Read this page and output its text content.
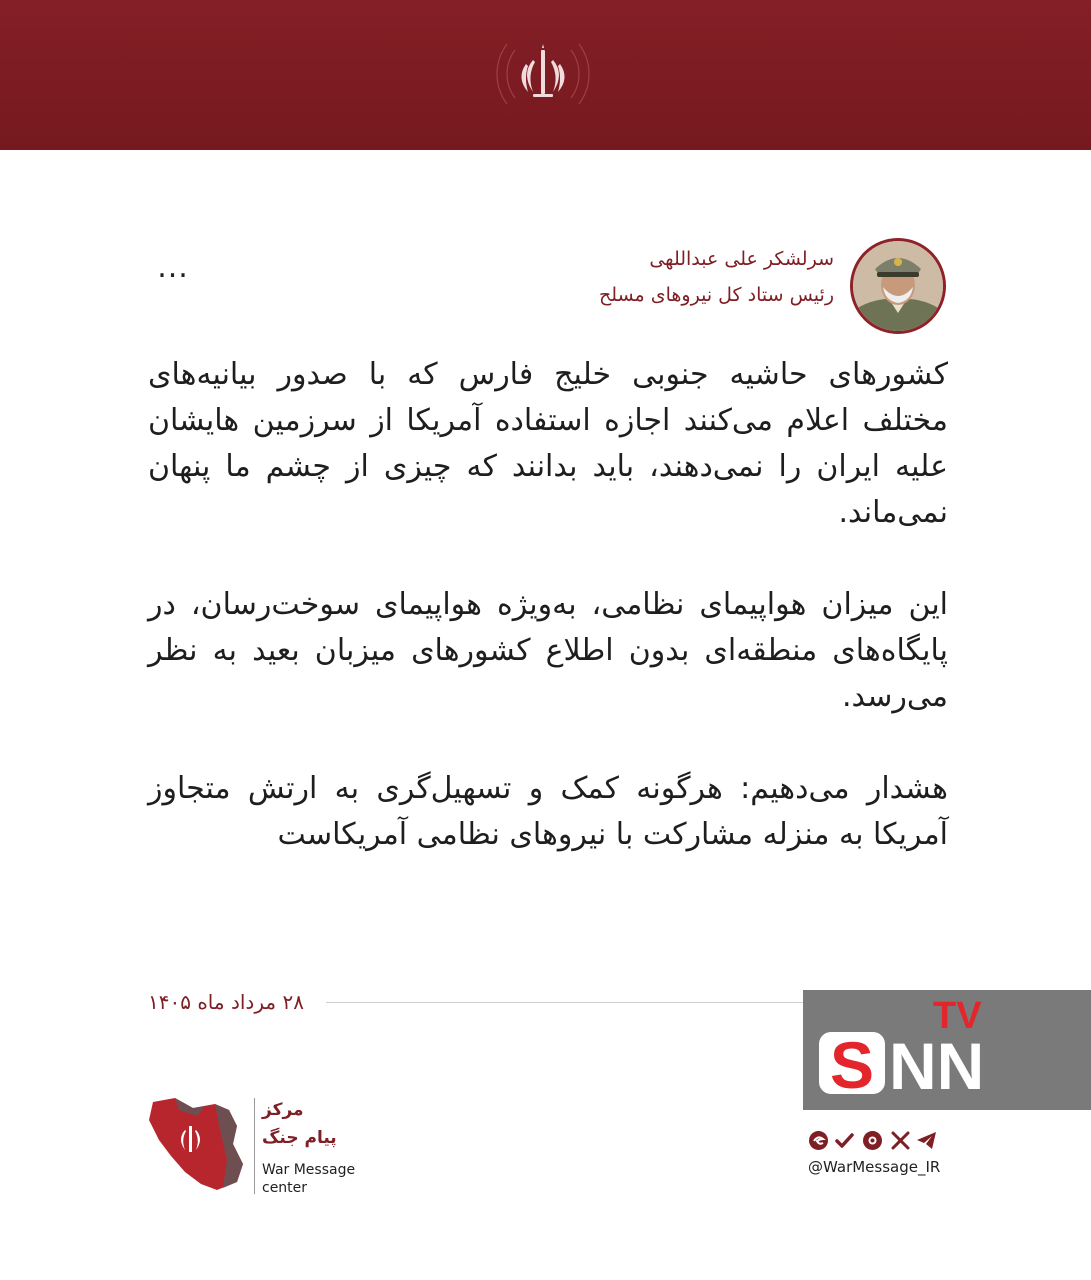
...	سرلشکر علی عبداللهی
رئیس ستاد کل نیروهای مسلح

کشورهای حاشیه جنوبی خلیج فارس که با صدور بیانیه‌های مختلف اعلام می‌کنند اجازه استفاده آمریکا از سرزمین هایشان علیه ایران را نمی‌دهند، باید بدانند که چیزی از چشم ما پنهان نمی‌ماند.

این میزان هواپیمای نظامی، به‌ویژه هواپیمای سوخت‌رسان، در پایگاه‌های منطقه‌ای بدون اطلاع کشورهای میزبان بعید به نظر می‌رسد.

هشدار می‌دهیم: هرگونه کمک و تسهیل‌گری به ارتش متجاوز آمریکا به منزله مشارکت با نیروهای نظامی آمریکاست

۲۸ مرداد ماه ۱۴۰۵	TV
S NN
مرکز
پیام جنگ
War Message
center
@WarMessage_IR
